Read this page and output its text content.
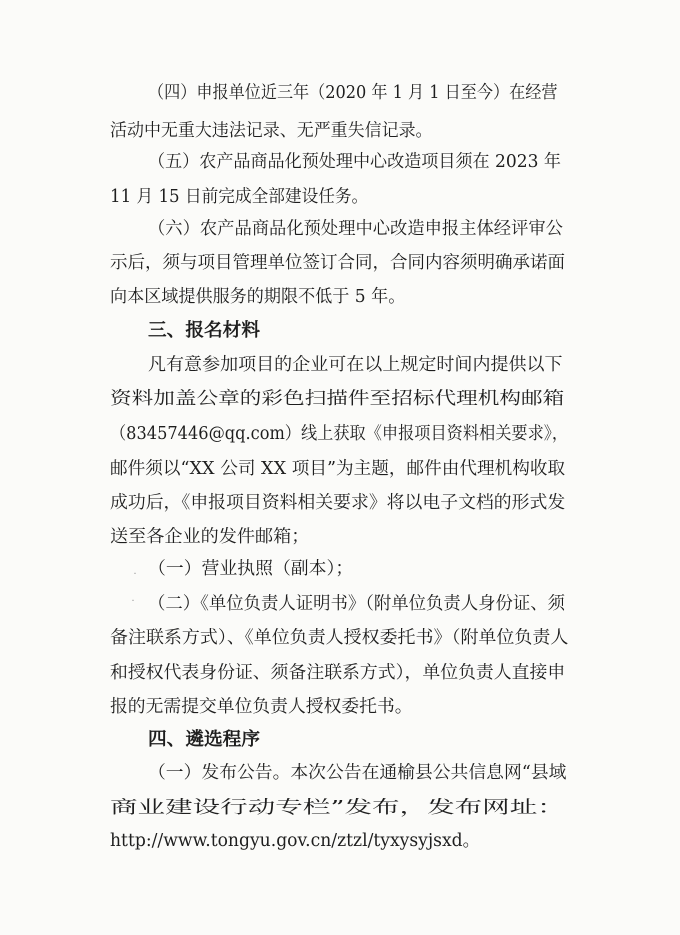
（四）申报单位近三年（2020 年 1 月 1 日至今）在经营
活动中无重大违法记录、无严重失信记录。
（五）农产品商品化预处理中心改造项目须在 2023 年
11 月 15 日前完成全部建设任务。
（六）农产品商品化预处理中心改造申报主体经评审公
示后，须与项目管理单位签订合同，合同内容须明确承诺面
向本区域提供服务的期限不低于 5 年。
三、报名材料
凡有意参加项目的企业可在以上规定时间内提供以下
资料加盖公章的彩色扫描件至招标代理机构邮箱
（83457446@qq.com）线上获取《申报项目资料相关要求》，
邮件须以“XX 公司 XX 项目”为主题，邮件由代理机构收取
成功后，《申报项目资料相关要求》将以电子文档的形式发
送至各企业的发件邮箱；
（一）营业执照（副本）；
（二）《单位负责人证明书》（附单位负责人身份证、须
备注联系方式）、《单位负责人授权委托书》（附单位负责人
和授权代表身份证、须备注联系方式），单位负责人直接申
报的无需提交单位负责人授权委托书。
四、遴选程序
（一）发布公告。本次公告在通榆县公共信息网“县域
商业建设行动专栏”发布，发布网址：
http://www.tongyu.gov.cn/ztzl/tyxysyjsxd。
˙
˙
